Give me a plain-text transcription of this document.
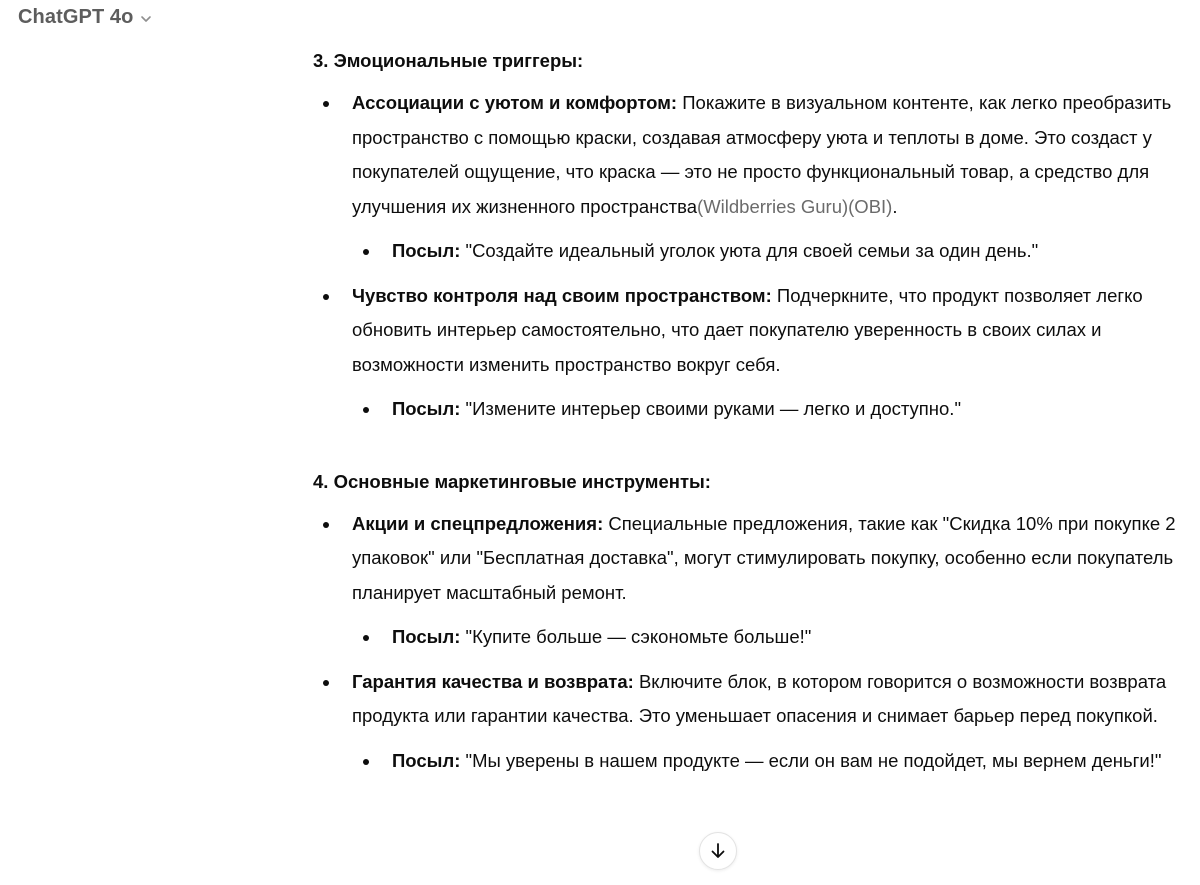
ChatGPT 4o

3. Эмоциональные триггеры:

Ассоциации с уютом и комфортом: Покажите в визуальном контенте, как легко преобразить пространство с помощью краски, создавая атмосферу уюта и теплоты в доме. Это создаст у покупателей ощущение, что краска — это не просто функциональный товар, а средство для улучшения их жизненного пространства(Wildberries Guru)(OBI).
Посыл: "Создайте идеальный уголок уюта для своей семьи за один день."
Чувство контроля над своим пространством: Подчеркните, что продукт позволяет легко обновить интерьер самостоятельно, что дает покупателю уверенность в своих силах и возможности изменить пространство вокруг себя.
Посыл: "Измените интерьер своими руками — легко и доступно."

4. Основные маркетинговые инструменты:

Акции и спецпредложения: Специальные предложения, такие как "Скидка 10% при покупке 2 упаковок" или "Бесплатная доставка", могут стимулировать покупку, особенно если покупатель планирует масштабный ремонт.
Посыл: "Купите больше — сэкономьте больше!"
Гарантия качества и возврата: Включите блок, в котором говорится о возможности возврата продукта или гарантии качества. Это уменьшает опасения и снимает барьер перед покупкой.
Посыл: "Мы уверены в нашем продукте — если он вам не подойдет, мы вернем деньги!"
